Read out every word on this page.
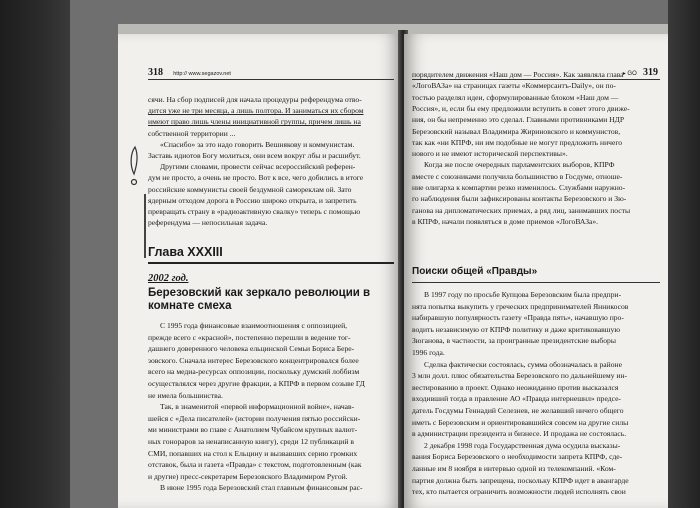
318 http:// www.segazov.net
сячи. На сбор подписей для начала процедуры референдума отво-
дится уже не три месяца, а лишь полтора. И заниматься их сбором
имеют право лишь члены инициативной группы, причем лишь на
собственной территории ...
«Спасибо» за это надо говорить Вешнякову и коммунистам.
Заставь идиотов Богу молиться, они всем вокруг лбы и расшибут.
Другими словами, провести сейчас всероссийский референ-
дум не просто, а очень не просто. Вот к все, чего добились в итоге
российские коммунисты своей бездумной самореклам ой. Зато
ядерным отходом дорога в Россию широко открыта, и запретить
превращать страну в «радиоактивную свалку» теперь с помощью
референдума — непосильная задача.
Глава XXXIII
2002 год.
Березовский как зеркало революции в комнате смеха
С 1995 года финансовые взаимоотношения с оппозицией,
прежде всего с «красной», постепенно перешли в ведение тог-
дашнего доверенного человека ельцинской Семьи Бориса Бере-
зовского. Сначала интерес Березовского концентрировался более
всего на медиа-ресурсах оппозиции, поскольку думский лоббизм
осуществлялся через другие фракции, а КПРФ в первом созыве ГД
не имела большинства.
Так, в знаменитой «первой информационной войне», начав-
шейся с «Дела писателей» (истории получения пятью российски-
ми министрами во главе с Анатолием Чубайсом крупных валют-
ных гонораров за ненаписанную книгу), среди 12 публикаций в
СМИ, попавших на стол к Ельцину и вызвавших серию громких
отставок, была и газета «Правда» с текстом, подготовленным (как
и другие) пресс-секретарем Березовского Владимиром Ругой.
В июне 1995 года Березовский стал главным финансовым рас-
▸ GO 319
порядителем движения «Наш дом — Россия». Как заявляла глава
«ЛогоВАЗа» на страницах газеты «Коммерсантъ-Daily», он по-
тостью разделял идеи, сформулированные блоком «Наш дом —
Россия», и, если бы ему предложили вступить в совет этого движе-
ния, он бы непременно это сделал. Главными противниками НДР
Березовский называл Владимира Жириновского и коммунистов,
так как «ни КПРФ, ни им подобные не могут предложить ничего
нового и не имеют исторической перспективы».
Когда же после очередных парламентских выборов, КПРФ
вместе с союзниками получила большинство в Госдуме, отноше-
ние олигарха к компартии резко изменилось. Службами наружно-
го наблюдения были зафиксированы контакты Березовского и Зю-
ганова на дипломатических приемах, а ряд лиц, занимавших посты
в КПРФ, начали появляться в доме приемов «ЛогоВАЗа».
Поиски общей «Правды»
В 1997 году по просьбе Купцова Березовским была предпри-
нята попытка выкупить у греческих предпринимателей Янникосов
набиравшую популярность газету «Правда пять», начавшую про-
водить независимую от КПРФ политику и даже критиковавшую
Зюганова, в частности, за проигранные президентские выборы
1996 года.
Сделка фактически состоялась, сумма обозначалась в районе
3 млн долл. плюс обязательства Березовского по дальнейшему ин-
вестированию в проект. Однако неожиданно против высказался
входивший тогда в правление АО «Правда интернешнл» предсе-
датель Госдумы Геннадий Селезнев, не желавший ничего общего
иметь с Березовским и ориентировавшийся совсем на другие силы
в администрации президента и бизнесе. И продажа не состоялась.
2 декабря 1998 года Государственная дума осудила высказы-
вания Бориса Березовского о необходимости запрета КПРФ, сде-
ланные им 8 ноября в интервью одной из телекомпаний. «Ком-
партия должна быть запрещена, поскольку КПРФ идет в авангарде
тех, кто пытается ограничить возможности людей исполнять свои
